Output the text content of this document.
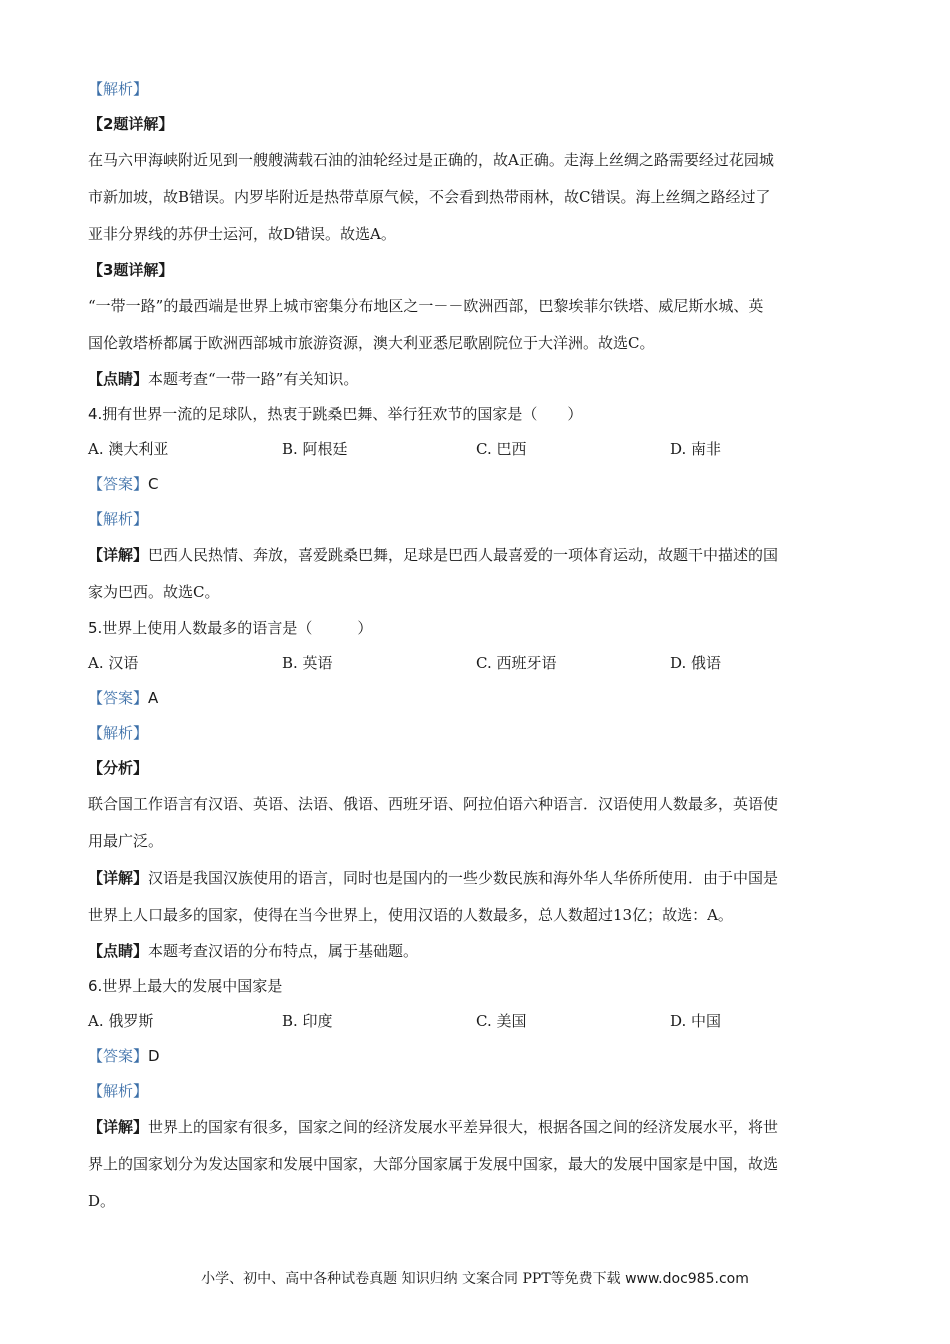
【解析】
【2题详解】
在马六甲海峡附近见到一艘艘满载石油的油轮经过是正确的，故A正确。走海上丝绸之路需要经过花园城
市新加坡，故B错误。内罗毕附近是热带草原气候，不会看到热带雨林，故C错误。海上丝绸之路经过了
亚非分界线的苏伊士运河，故D错误。故选A。
【3题详解】
“一带一路”的最西端是世界上城市密集分布地区之一－－欧洲西部，巴黎埃菲尔铁塔、威尼斯水城、英
国伦敦塔桥都属于欧洲西部城市旅游资源，澳大利亚悉尼歌剧院位于大洋洲。故选C。
【点睛】本题考查“一带一路”有关知识。
4.拥有世界一流的足球队，热衷于跳桑巴舞、举行狂欢节的国家是（　　）
A. 澳大利亚	B. 阿根廷	C. 巴西	D. 南非
【答案】C
【解析】
【详解】巴西人民热情、奔放，喜爱跳桑巴舞，足球是巴西人最喜爱的一项体育运动，故题干中描述的国
家为巴西。故选C。
5.世界上使用人数最多的语言是（　　　）
A. 汉语	B. 英语	C. 西班牙语	D. 俄语
【答案】A
【解析】
【分析】
联合国工作语言有汉语、英语、法语、俄语、西班牙语、阿拉伯语六种语言．汉语使用人数最多，英语使
用最广泛。
【详解】汉语是我国汉族使用的语言，同时也是国内的一些少数民族和海外华人华侨所使用．由于中国是
世界上人口最多的国家，使得在当今世界上，使用汉语的人数最多，总人数超过13亿；故选：A。
【点睛】本题考查汉语的分布特点，属于基础题。
6.世界上最大的发展中国家是
A. 俄罗斯	B. 印度	C. 美国	D. 中国
【答案】D
【解析】
【详解】世界上的国家有很多，国家之间的经济发展水平差异很大，根据各国之间的经济发展水平，将世
界上的国家划分为发达国家和发展中国家，大部分国家属于发展中国家，最大的发展中国家是中国，故选
D。
小学、初中、高中各种试卷真题 知识归纳 文案合同 PPT等免费下载 www.doc985.com
